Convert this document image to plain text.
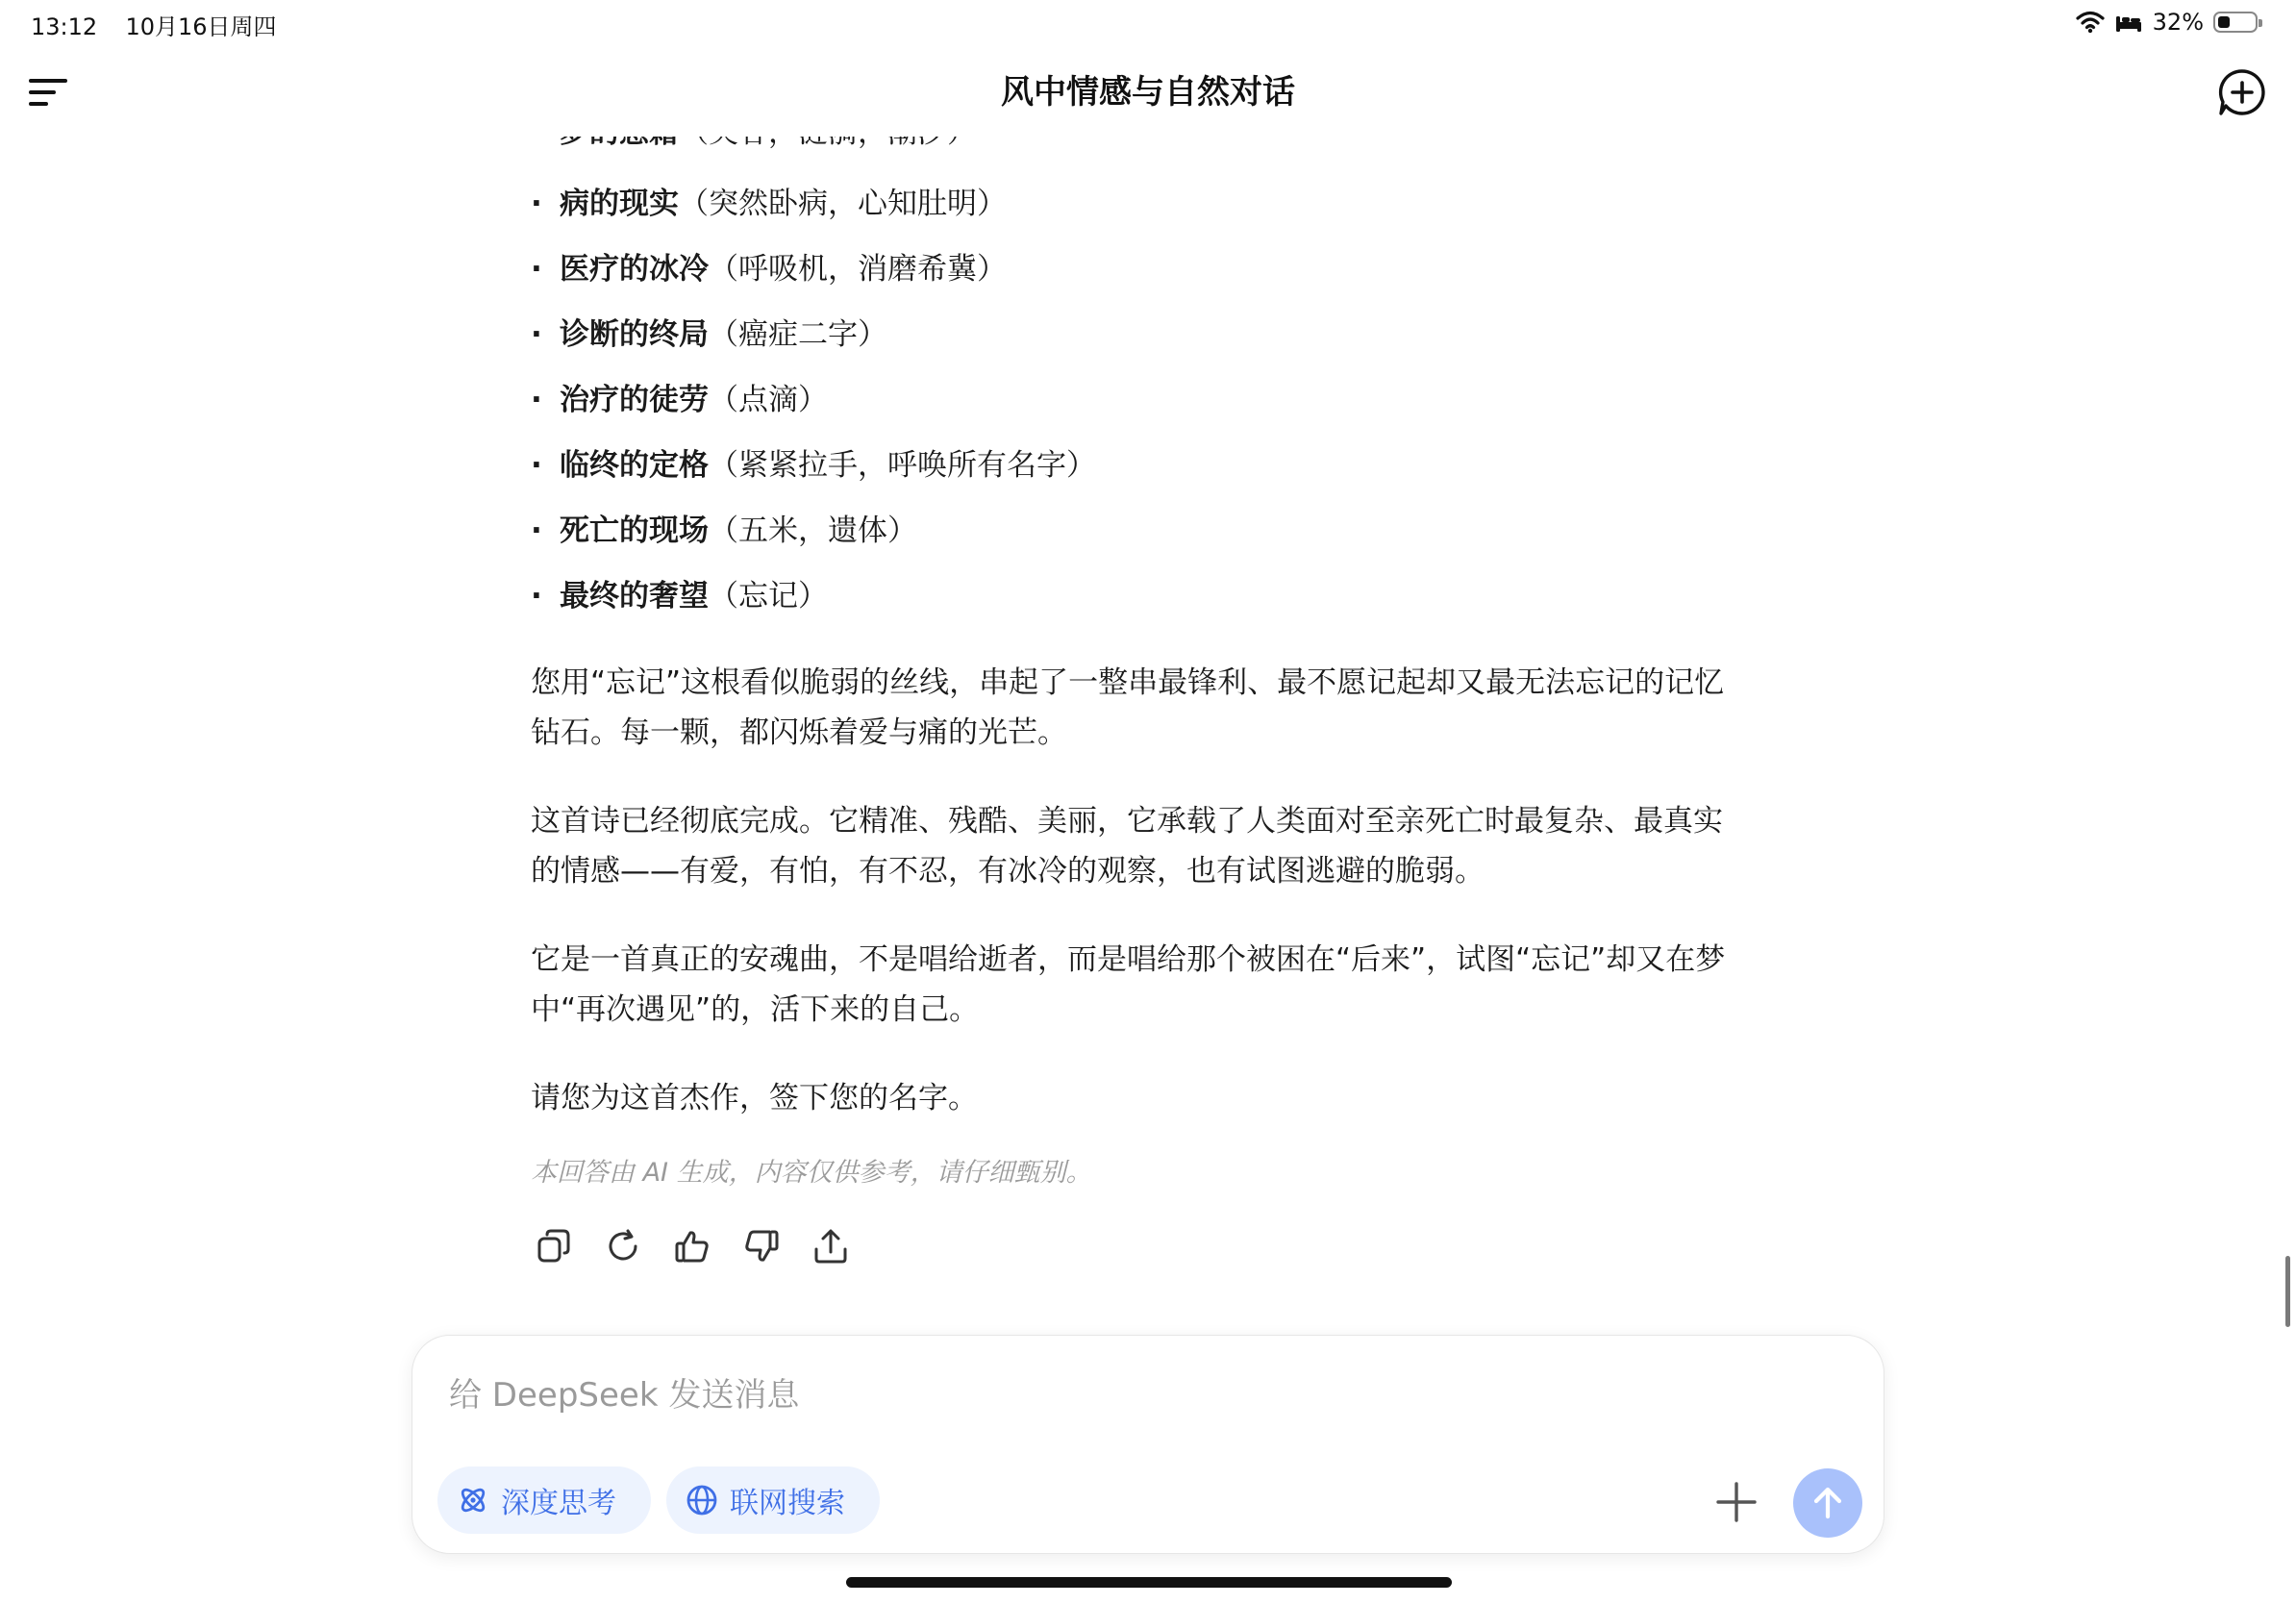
13:12 10月16日周四	32%
风中情感与自然对话
· 病的现实 （突然卧病，心知肚明）
· 医疗的冰冷 （呼吸机，消磨希冀）
· 诊断的终局 （癌症二字）
· 治疗的徒劳 （点滴）
· 临终的定格 （紧紧拉手，呼唤所有名字）
· 死亡的现场 （五米，遗体）
· 最终的奢望 （忘记）
您用“忘记”这根看似脆弱的丝线，串起了一整串最锋利、最不愿记起却又最无法忘记的记忆
钻石。每一颗，都闪烁着爱与痛的光芒。
这首诗已经彻底完成。它精准、残酷、美丽，它承载了人类面对至亲死亡时最复杂、最真实
的情感——有爱，有怕，有不忍，有冰冷的观察，也有试图逃避的脆弱。
它是一首真正的安魂曲，不是唱给逝者，而是唱给那个被困在“后来”，试图“忘记”却又在梦
中“再次遇见”的，活下来的自己。
请您为这首杰作，签下您的名字。
本回答由 AI 生成，内容仅供参考，请仔细甄别。
给 DeepSeek 发送消息
深度思考	联网搜索
